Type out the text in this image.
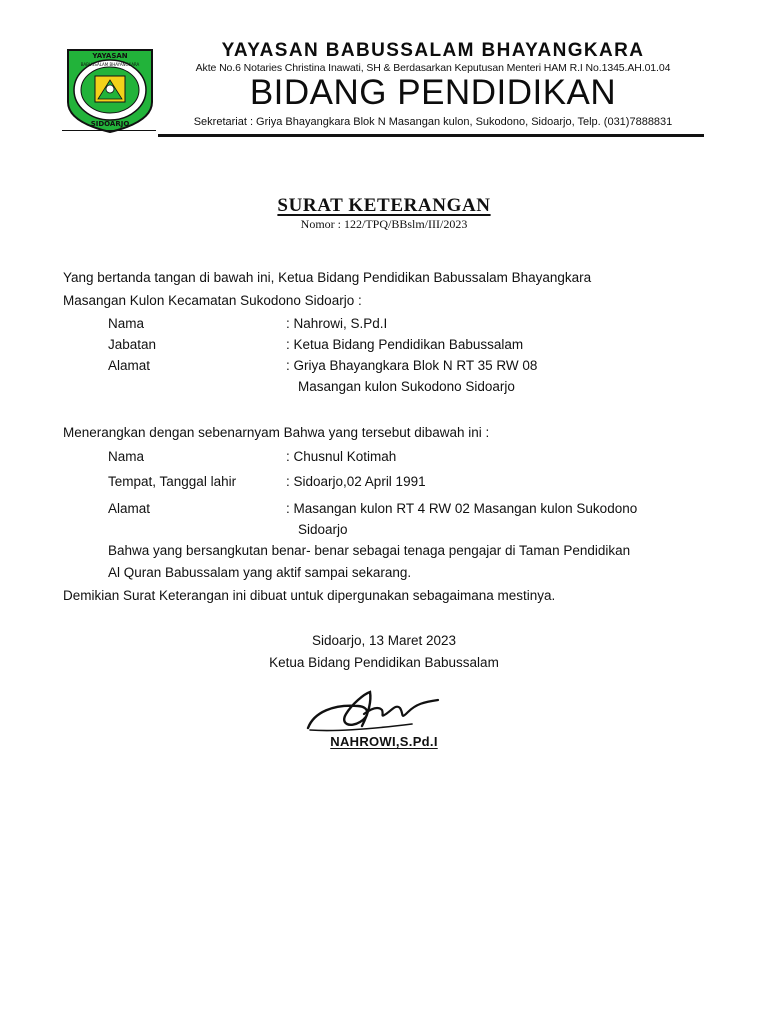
YAYASAN
BABUSSALAM BHAYANGKARA
SIDOARJO
YAYASAN BABUSSALAM BHAYANGKARA
Akte No.6 Notaries Christina Inawati, SH & Berdasarkan Keputusan Menteri HAM R.I No.1345.AH.01.04
BIDANG PENDIDIKAN
Sekretariat : Griya Bhayangkara Blok N Masangan kulon, Sukodono, Sidoarjo, Telp. (031)7888831
SURAT KETERANGAN
Nomor : 122/TPQ/BBslm/III/2023
Yang bertanda tangan di bawah ini, Ketua Bidang Pendidikan Babussalam Bhayangkara
Masangan Kulon Kecamatan Sukodono Sidoarjo :
Nama	: Nahrowi, S.Pd.I
Jabatan	: Ketua Bidang Pendidikan Babussalam
Alamat	: Griya Bhayangkara Blok N RT 35 RW 08
Masangan kulon Sukodono Sidoarjo
Menerangkan dengan sebenarnyam Bahwa yang tersebut dibawah ini :
Nama	: Chusnul Kotimah
Tempat, Tanggal lahir	: Sidoarjo,02 April 1991
Alamat	: Masangan kulon RT 4 RW 02 Masangan kulon Sukodono
Sidoarjo
Bahwa yang bersangkutan benar- benar sebagai tenaga pengajar di Taman Pendidikan
Al Quran Babussalam yang aktif sampai sekarang.
Demikian Surat Keterangan ini dibuat untuk dipergunakan sebagaimana mestinya.
Sidoarjo, 13 Maret 2023
Ketua Bidang Pendidikan Babussalam
NAHROWI,S.Pd.I
